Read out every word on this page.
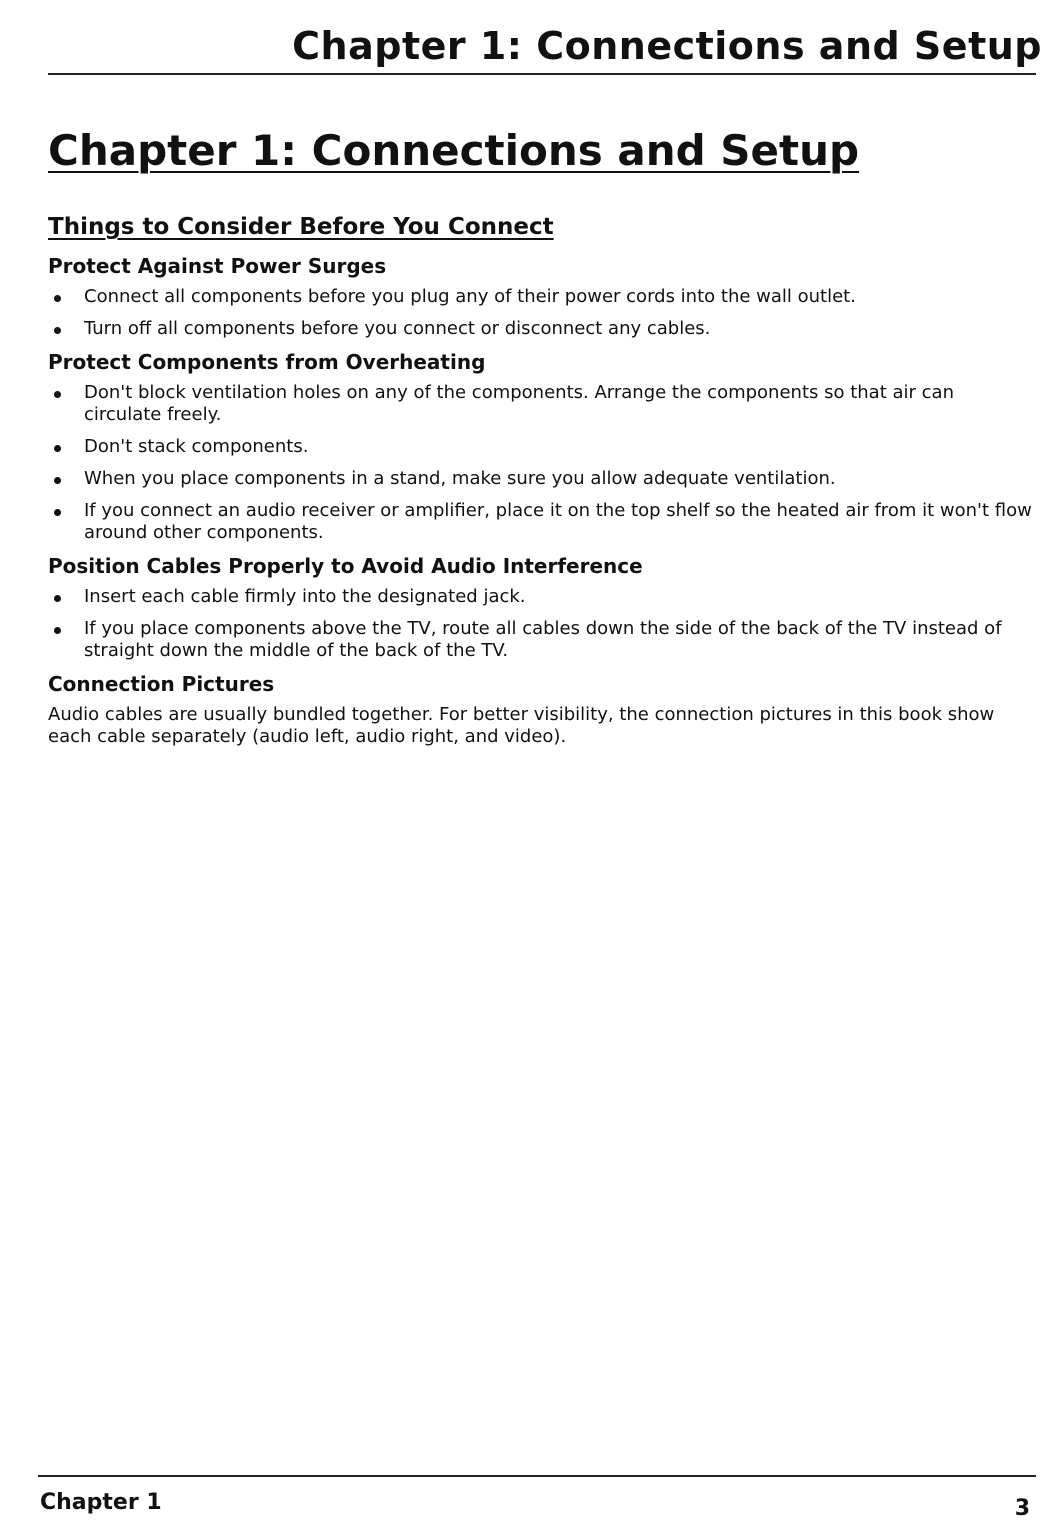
Chapter 1: Connections and Setup
Chapter 1: Connections and Setup
Things to Consider Before You Connect
Protect Against Power Surges
Connect all components before you plug any of their power cords into the wall outlet.
Turn off all components before you connect or disconnect any cables.
Protect Components from Overheating
Don't block ventilation holes on any of the components. Arrange the components so that air can circulate freely.
Don't stack components.
When you place components in a stand, make sure you allow adequate ventilation.
If you connect an audio receiver or amplifier, place it on the top shelf so the heated air from it won't flow around other components.
Position Cables Properly to Avoid Audio Interference
Insert each cable firmly into the designated jack.
If you place components above the TV, route all cables down the side of the back of the TV instead of straight down the middle of the back of the TV.
Connection Pictures

Audio cables are usually bundled together. For better visibility, the connection pictures in this book show each cable separately (audio left, audio right, and video).

Chapter 1	3
